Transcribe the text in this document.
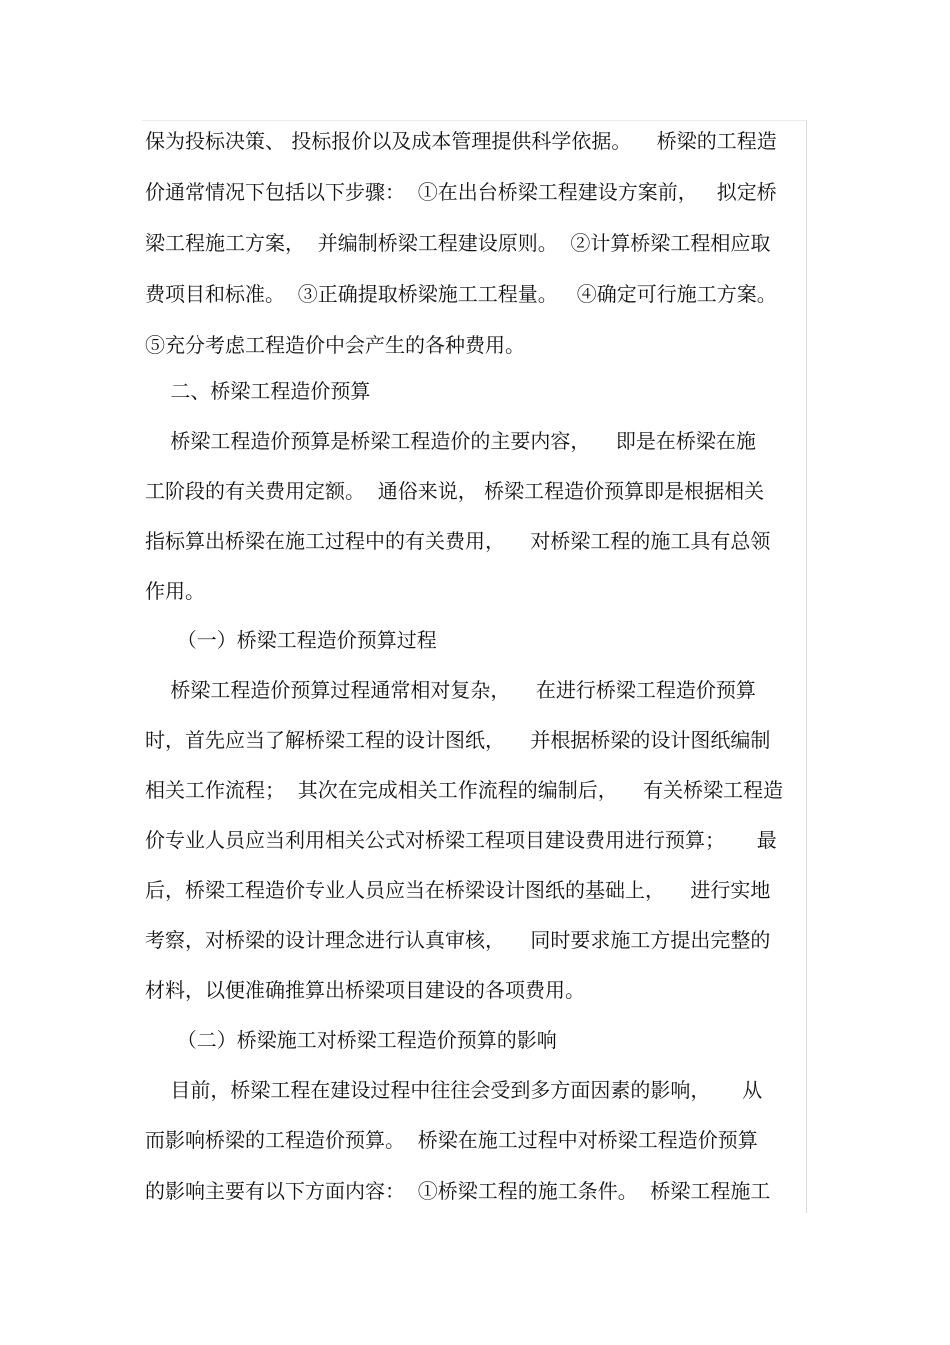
保为投标决策、 投标报价以及成本管理提供科学依据。    桥梁的工程造
价通常情况下包括以下步骤：  ①在出台桥梁工程建设方案前，   拟定桥
梁工程施工方案，  并编制桥梁工程建设原则。  ②计算桥梁工程相应取
费项目和标准。  ③正确提取桥梁施工工程量。   ④确定可行施工方案。
⑤充分考虑工程造价中会产生的各种费用。
二、桥梁工程造价预算
桥梁工程造价预算是桥梁工程造价的主要内容，    即是在桥梁在施
工阶段的有关费用定额。  通俗来说， 桥梁工程造价预算即是根据相关
指标算出桥梁在施工过程中的有关费用，    对桥梁工程的施工具有总领
作用。
（一）桥梁工程造价预算过程
桥梁工程造价预算过程通常相对复杂，    在进行桥梁工程造价预算
时，首先应当了解桥梁工程的设计图纸，    并根据桥梁的设计图纸编制
相关工作流程；  其次在完成相关工作流程的编制后，    有关桥梁工程造
价专业人员应当利用相关公式对桥梁工程项目建设费用进行预算；     最
后，桥梁工程造价专业人员应当在桥梁设计图纸的基础上，    进行实地
考察，对桥梁的设计理念进行认真审核，    同时要求施工方提出完整的
材料，以便准确推算出桥梁项目建设的各项费用。
（二）桥梁施工对桥梁工程造价预算的影响
目前，桥梁工程在建设过程中往往会受到多方面因素的影响，     从
而影响桥梁的工程造价预算。  桥梁在施工过程中对桥梁工程造价预算
的影响主要有以下方面内容：  ①桥梁工程的施工条件。  桥梁工程施工
